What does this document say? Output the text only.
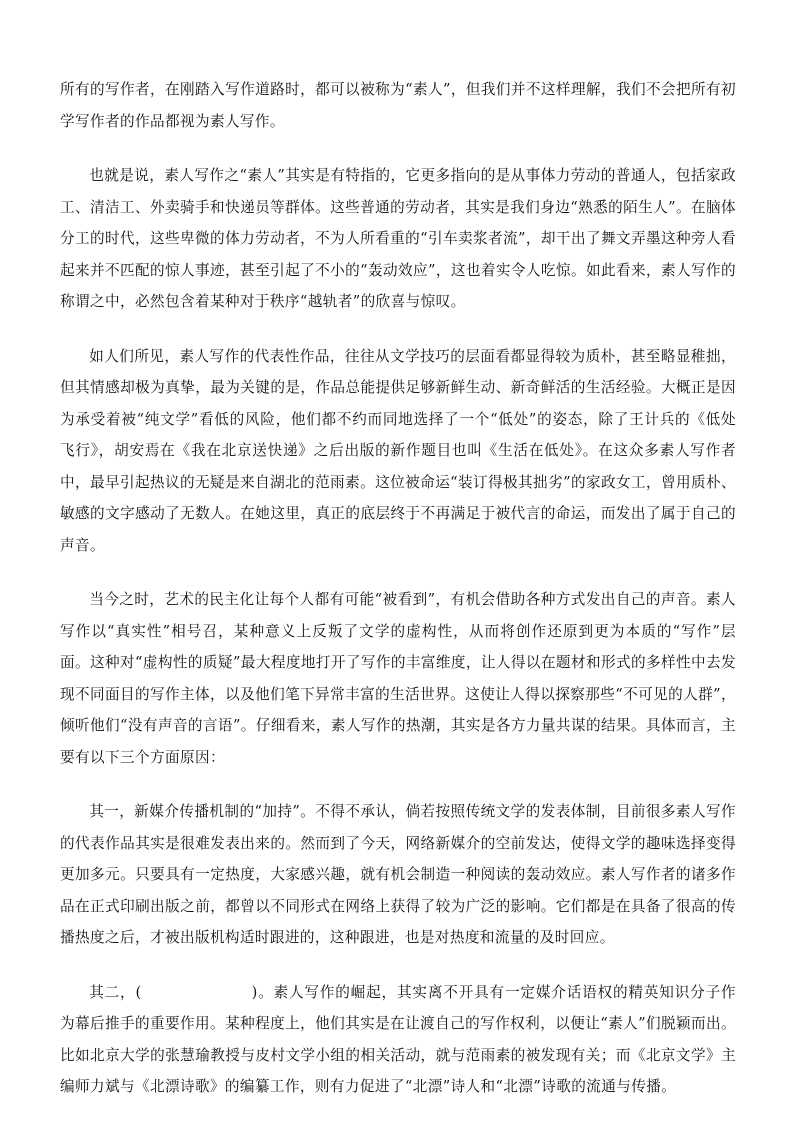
所有的写作者，在刚踏入写作道路时，都可以被称为“素人”，但我们并不这样理解，我们不会把所有初学写作者的作品都视为素人写作。

也就是说，素人写作之“素人”其实是有特指的，它更多指向的是从事体力劳动的普通人，包括家政工、清洁工、外卖骑手和快递员等群体。这些普通的劳动者，其实是我们身边“熟悉的陌生人”。在脑体分工的时代，这些卑微的体力劳动者，不为人所看重的“引车卖浆者流”，却干出了舞文弄墨这种旁人看起来并不匹配的惊人事迹，甚至引起了不小的“轰动效应”，这也着实令人吃惊。如此看来，素人写作的称谓之中，必然包含着某种对于秩序“越轨者”的欣喜与惊叹。

如人们所见，素人写作的代表性作品，往往从文学技巧的层面看都显得较为质朴，甚至略显稚拙，但其情感却极为真挚，最为关键的是，作品总能提供足够新鲜生动、新奇鲜活的生活经验。大概正是因为承受着被“纯文学”看低的风险，他们都不约而同地选择了一个“低处”的姿态，除了王计兵的《低处飞行》，胡安焉在《我在北京送快递》之后出版的新作题目也叫《生活在低处》。在这众多素人写作者中，最早引起热议的无疑是来自湖北的范雨素。这位被命运“装订得极其拙劣”的家政女工，曾用质朴、敏感的文字感动了无数人。在她这里，真正的底层终于不再满足于被代言的命运，而发出了属于自己的声音。

当今之时，艺术的民主化让每个人都有可能“被看到”，有机会借助各种方式发出自己的声音。素人写作以“真实性”相号召，某种意义上反叛了文学的虚构性，从而将创作还原到更为本质的“写作”层面。这种对“虚构性的质疑”最大程度地打开了写作的丰富维度，让人得以在题材和形式的多样性中去发现不同面目的写作主体，以及他们笔下异常丰富的生活世界。这使让人得以探察那些“不可见的人群”，倾听他们“没有声音的言语”。仔细看来，素人写作的热潮，其实是各方力量共谋的结果。具体而言，主要有以下三个方面原因：

其一，新媒介传播机制的“加持”。不得不承认，倘若按照传统文学的发表体制，目前很多素人写作的代表作品其实是很难发表出来的。然而到了今天，网络新媒介的空前发达，使得文学的趣味选择变得更加多元。只要具有一定热度，大家感兴趣，就有机会制造一种阅读的轰动效应。素人写作者的诸多作品在正式印刷出版之前，都曾以不同形式在网络上获得了较为广泛的影响。它们都是在具备了很高的传播热度之后，才被出版机构适时跟进的，这种跟进，也是对热度和流量的及时回应。

其二，(	)。素人写作的崛起，其实离不开具有一定媒介话语权的精英知识分子作为幕后推手的重要作用。某种程度上，他们其实是在让渡自己的写作权利，以便让“素人”们脱颖而出。比如北京大学的张慧瑜教授与皮村文学小组的相关活动，就与范雨素的被发现有关；而《北京文学》主编师力斌与《北漂诗歌》的编纂工作，则有力促进了“北漂”诗人和“北漂”诗歌的流通与传播。
